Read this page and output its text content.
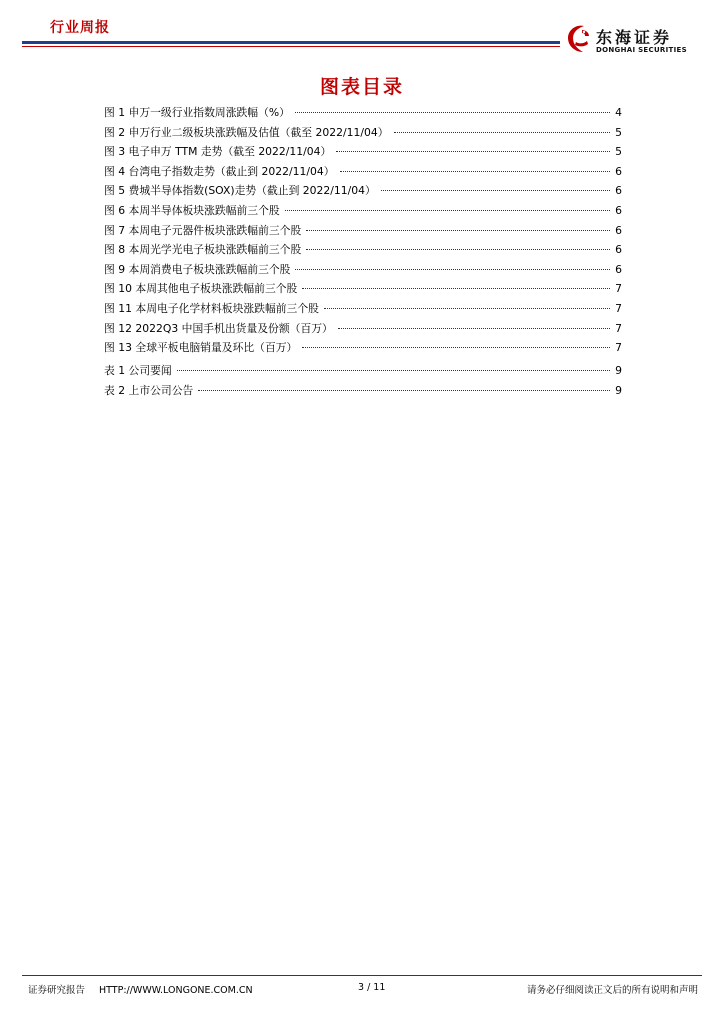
行业周报	东海证券
DONGHAI SECURITIES
图表目录
图 1 申万一级行业指数周涨跌幅（%）	4
图 2 申万行业二级板块涨跌幅及估值（截至 2022/11/04）	5
图 3 电子申万 TTM 走势（截至 2022/11/04）	5
图 4 台湾电子指数走势（截止到 2022/11/04）	6
图 5 费城半导体指数(SOX)走势（截止到 2022/11/04）	6
图 6 本周半导体板块涨跌幅前三个股	6
图 7 本周电子元器件板块涨跌幅前三个股	6
图 8 本周光学光电子板块涨跌幅前三个股	6
图 9 本周消费电子板块涨跌幅前三个股	6
图 10 本周其他电子板块涨跌幅前三个股	7
图 11 本周电子化学材料板块涨跌幅前三个股	7
图 12 2022Q3 中国手机出货量及份额（百万）	7
图 13 全球平板电脑销量及环比（百万）	7
表 1 公司要闻	9
表 2 上市公司公告	9
证券研究报告 HTTP://WWW.LONGONE.COM.CN	3 / 11	请务必仔细阅读正文后的所有说明和声明
